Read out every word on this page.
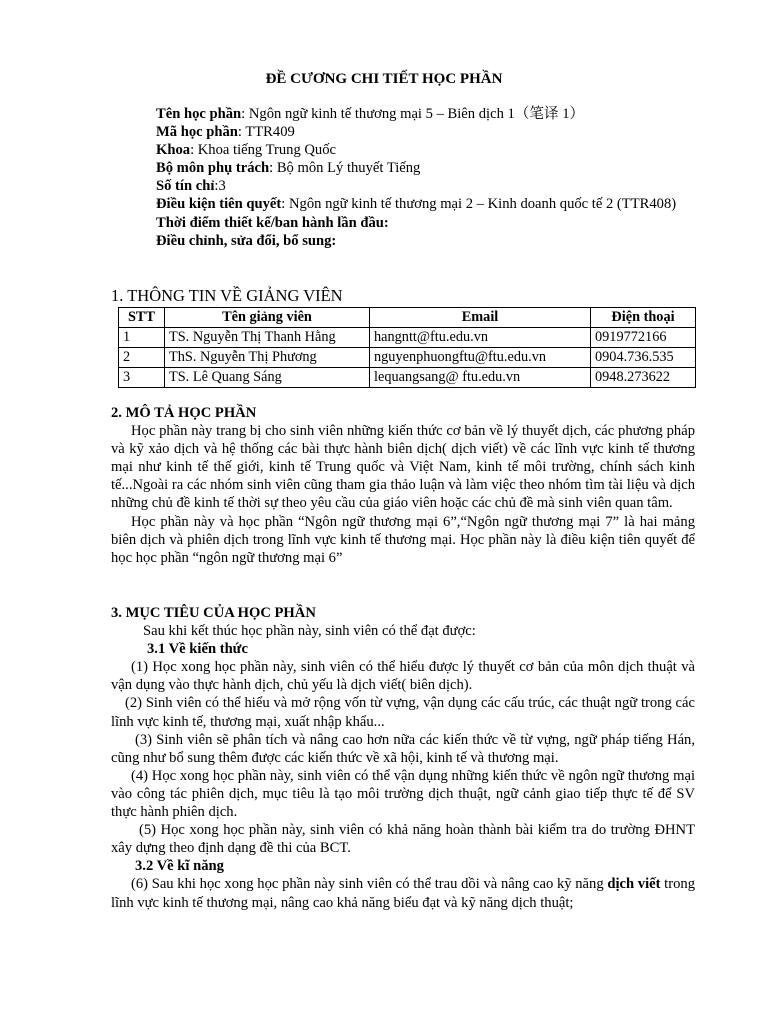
ĐỀ CƯƠNG CHI TIẾT HỌC PHẦN

Tên học phần: Ngôn ngữ kinh tế thương mại 5 – Biên dịch 1（笔译 1）

Mã học phần: TTR409

Khoa: Khoa tiếng Trung Quốc

Bộ môn phụ trách: Bộ môn Lý thuyết Tiếng

Số tín chỉ:3

Điều kiện tiên quyết: Ngôn ngữ kinh tế thương mại 2 – Kinh doanh quốc tế 2 (TTR408)

Thời điểm thiết kế/ban hành lần đầu:

Điều chỉnh, sửa đổi, bổ sung:

1. THÔNG TIN VỀ GIẢNG VIÊN
STT	Tên giảng viên	Email	Điện thoại
1	TS. Nguyễn Thị Thanh Hằng	hangntt@ftu.edu.vn	0919772166
2	ThS. Nguyễn Thị Phương	nguyenphuongftu@ftu.edu.vn	0904.736.535
3	TS. Lê Quang Sáng	lequangsang@ ftu.edu.vn	0948.273622

2. MÔ TẢ HỌC PHẦN

Học phần này trang bị cho sinh viên những kiến thức cơ bản về lý thuyết dịch, các phương pháp và kỹ xảo dịch và hệ thống các bài thực hành biên dịch( dịch viết) về các lĩnh vực kinh tế thương mại như kinh tế thế giới, kinh tế Trung quốc và Việt Nam, kinh tế môi trường, chính sách kinh tế...Ngoài ra các nhóm sinh viên cũng tham gia thảo luận và làm việc theo nhóm tìm tài liệu và dịch những chủ đề kinh tế thời sự theo yêu cầu của giáo viên hoặc các chủ đề mà sinh viên quan tâm.

Học phần này và học phần “Ngôn ngữ thương mại 6”,“Ngôn ngữ thương mại 7” là hai mảng biên dịch và phiên dịch trong lĩnh vực kinh tế thương mại. Học phần này là điều kiện tiên quyết để học học phần “ngôn ngữ thương mại 6”

3. MỤC TIÊU CỦA HỌC PHẦN

Sau khi kết thúc học phần này, sinh viên có thể đạt được:

3.1 Về kiến thức

(1) Học xong học phần này, sinh viên có thể hiểu được lý thuyết cơ bản của môn dịch thuật và vận dụng vào thực hành dịch, chủ yếu là dịch viết( biên dịch).

(2) Sinh viên có thể hiểu và mở rộng vốn từ vựng, vận dụng các cấu trúc, các thuật ngữ trong các lĩnh vực kinh tế, thương mại, xuất nhập khẩu...

(3) Sinh viên sẽ phân tích và nâng cao hơn nữa các kiến thức về từ vựng, ngữ pháp tiếng Hán, cũng như bổ sung thêm được các kiến thức về xã hội, kinh tế và thương mại.

(4) Học xong học phần này, sinh viên có thể vận dụng những kiến thức về ngôn ngữ thương mại vào công tác phiên dịch, mục tiêu là tạo môi trường dịch thuật, ngữ cảnh giao tiếp thực tế để SV thực hành phiên dịch.

(5) Học xong học phần này, sinh viên có khả năng hoàn thành bài kiểm tra do trường ĐHNT xây dựng theo định dạng đề thi của BCT.

3.2 Về kĩ năng

(6) Sau khi học xong học phần này sinh viên có thể trau dồi và nâng cao kỹ năng dịch viết trong lĩnh vực kinh tế thương mại, nâng cao khả năng biểu đạt và kỹ năng dịch thuật;
